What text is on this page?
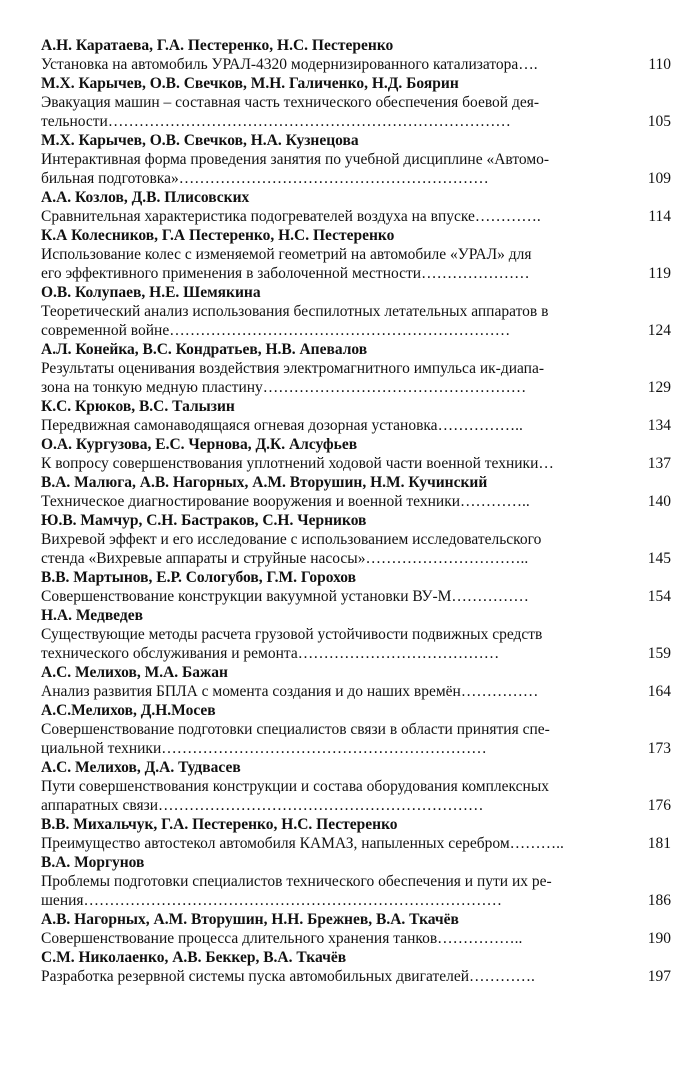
А.Н. Каратаева, Г.А. Пестеренко, Н.С. Пестеренко
Установка на автомобиль УРАЛ-4320 модернизированного катализатора….	110
М.Х. Карычев, О.В. Свечков, М.Н. Галиченко, Н.Д. Боярин
Эвакуация машин – составная часть технического обеспечения боевой дея-
тельности……………………………………………………………………	105
М.Х. Карычев, О.В. Свечков, Н.А. Кузнецова
Интерактивная форма проведения занятия по учебной дисциплине «Автомо-
бильная подготовка»……………………………………………………	109
А.А. Козлов, Д.В. Плисовских
Сравнительная характеристика подогревателей воздуха на впуске………….	114
К.А Колесников, Г.А Пестеренко, Н.С. Пестеренко
Использование колес с изменяемой геометрий на автомобиле «УРАЛ» для
его эффективного применения в заболоченной местности…………………	119
О.В. Колупаев, Н.Е. Шемякина
Теоретический анализ использования беспилотных летательных аппаратов в
современной войне…………………………………………………………	124
А.Л. Конейка, В.С. Кондратьев, Н.В. Апевалов
Результаты оценивания воздействия электромагнитного импульса ик-диапа-
зона на тонкую медную пластину……………………………………………	129
К.С. Крюков, В.С. Талызин
Передвижная самонаводящаяся огневая дозорная установка……………..	134
О.А. Кургузова, Е.С. Чернова, Д.К. Алсуфьев
К вопросу совершенствования уплотнений ходовой части военной техники…	137
В.А. Малюга, А.В. Нагорных, А.М. Вторушин, Н.М. Кучинский
Техническое диагностирование вооружения и военной техники…………..	140
Ю.В. Мамчур, С.Н. Бастраков, С.Н. Черников
Вихревой эффект и его исследование с использованием исследовательского
стенда «Вихревые аппараты и струйные насосы»…………………………..	145
В.В. Мартынов, Е.Р. Сологубов, Г.М. Горохов
Совершенствование конструкции вакуумной установки ВУ-М……………	154
Н.А. Медведев
Существующие методы расчета грузовой устойчивости подвижных средств
технического обслуживания и ремонта…………………………………	159
А.С. Мелихов, М.А. Бажан
Анализ развития БПЛА с момента создания и до наших времён……………	164
А.С.Мелихов, Д.Н.Мосев
Совершенствование подготовки специалистов связи в области принятия спе-
циальной техники………………………………………………………	173
А.С. Мелихов, Д.А. Тудвасев
Пути совершенствования конструкции и состава оборудования комплексных
аппаратных связи………………………………………………………	176
В.В. Михальчук, Г.А. Пестеренко, Н.С. Пестеренко
Преимущество автостекол автомобиля КАМАЗ, напыленных серебром………..	181
В.А. Моргунов
Проблемы подготовки специалистов технического обеспечения и пути их ре-
шения………………………………………………………………………	186
А.В. Нагорных, А.М. Вторушин, Н.Н. Брежнев, В.А. Ткачёв
Совершенствование процесса длительного хранения танков……………..	190
С.М. Николаенко, А.В. Беккер, В.А. Ткачёв
Разработка резервной системы пуска автомобильных двигателей………….	197
